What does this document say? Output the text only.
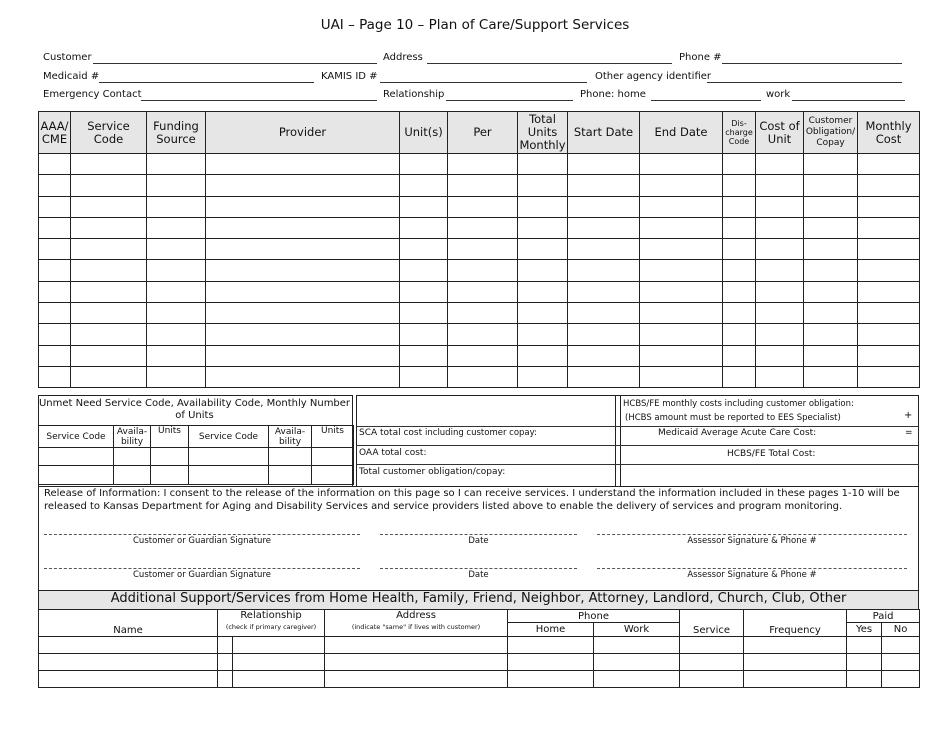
UAI – Page 10 – Plan of Care/Support Services
Customer	Address	Phone #
Medicaid #	KAMIS ID #	Other agency identifier
Emergency Contact	Relationship	Phone: home	work
AAA/ CME	Service Code	Funding Source	Provider	Unit(s)	Per	Total Units Monthly	Start Date	End Date	Dis- charge Code	Cost of Unit	Customer Obligation/ Copay	Monthly Cost

Unmet Need Service Code, Availability Code, Monthly Number of Units
Service Code	Availa- bility	Units	Service Code	Availa- bility	Units

					SCA total cost including customer copay:
OAA total cost:
Total customer obligation/copay:
HCBS/FE monthly costs including customer obligation:
(HCBS amount must be reported to EES Specialist)	+
Medicaid Average Acute Care Cost:	=
HCBS/FE Total Cost:
Release of Information: I consent to the release of the information on this page so I can receive services. I understand the information included in these pages 1-10 will be released to Kansas Department for Aging and Disability Services and service providers listed above to enable the delivery of services and program monitoring.
Customer or Guardian Signature	Date	Assessor Signature & Phone #
Customer or Guardian Signature	Date	Assessor Signature & Phone #
Additional Support/Services from Home Health, Family, Friend, Neighbor, Attorney, Landlord, Church, Club, Other
Name	Relationship		Address	Phone		Service	Frequency	Paid	
	(check if primary caregiver)		(indicate "same" if lives with customer)	Home	Work			Yes	No
